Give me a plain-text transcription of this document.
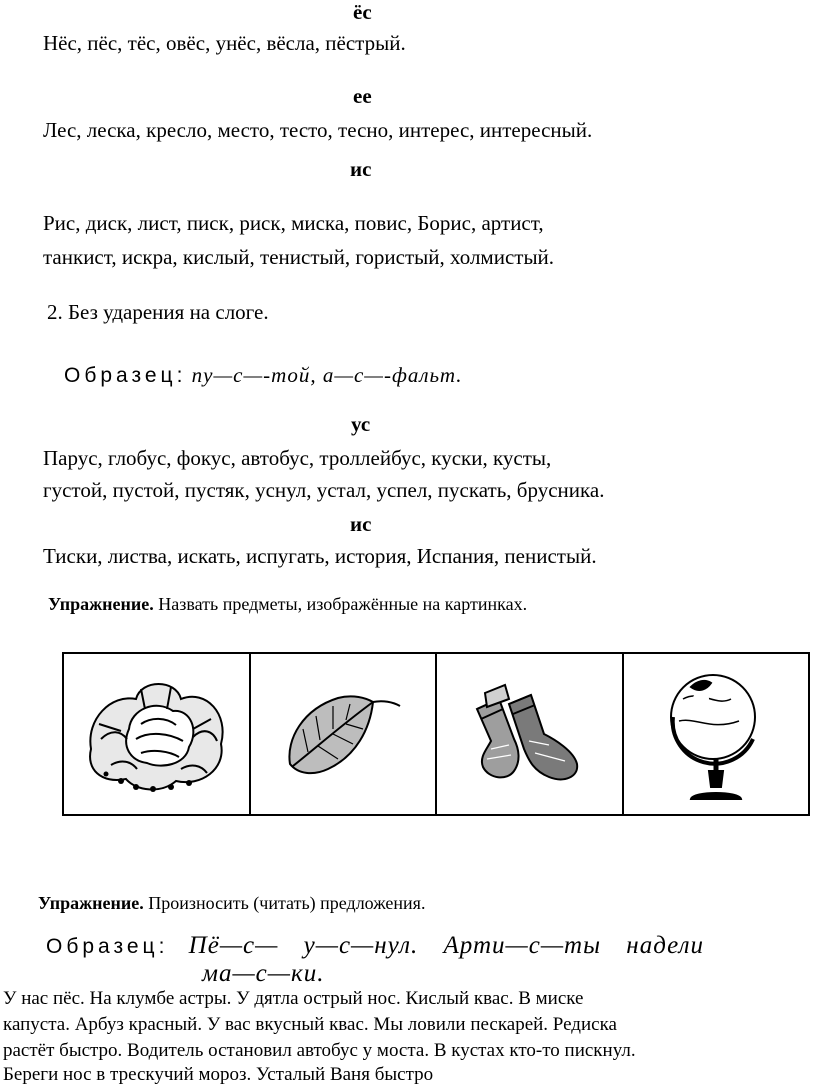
ёс
Нёс, пёс, тёс, овёс, унёс, вёсла, пёстрый.
ее
Лес, леска, кресло, место, тесто, тесно, интерес, интересный.
ис
Рис, диск, лист, писк, риск, миска, повис, Борис, артист,
танкист, искра, кислый, тенистый, гористый, холмистый.
2. Без ударения на слоге.
Образец: пу—с—-той, а—с—-фальт.
ус
Парус, глобус, фокус, автобус, троллейбус, куски, кусты,
густой, пустой, пустяк, уснул, устал, успел, пускать, брусника.
ис
Тиски, листва, искать, испугать, история, Испания, пенистый.
Упражнение. Назвать предметы, изображённые на картинках.
Упражнение. Произносить (читать) предложения.
Образец: Пё—с— у—с—нул. Арти—с—ты надели
ма—с—ки.
У нас пёс. На клумбе астры. У дятла острый нос. Кислый квас. В миске
капуста. Арбуз красный. У вас вкусный квас. Мы ловили пескарей. Редиска
растёт быстро. Водитель остановил автобус у моста. В кустах кто-то пискнул.
Береги нос в трескучий мороз. Усталый Ваня быстро
